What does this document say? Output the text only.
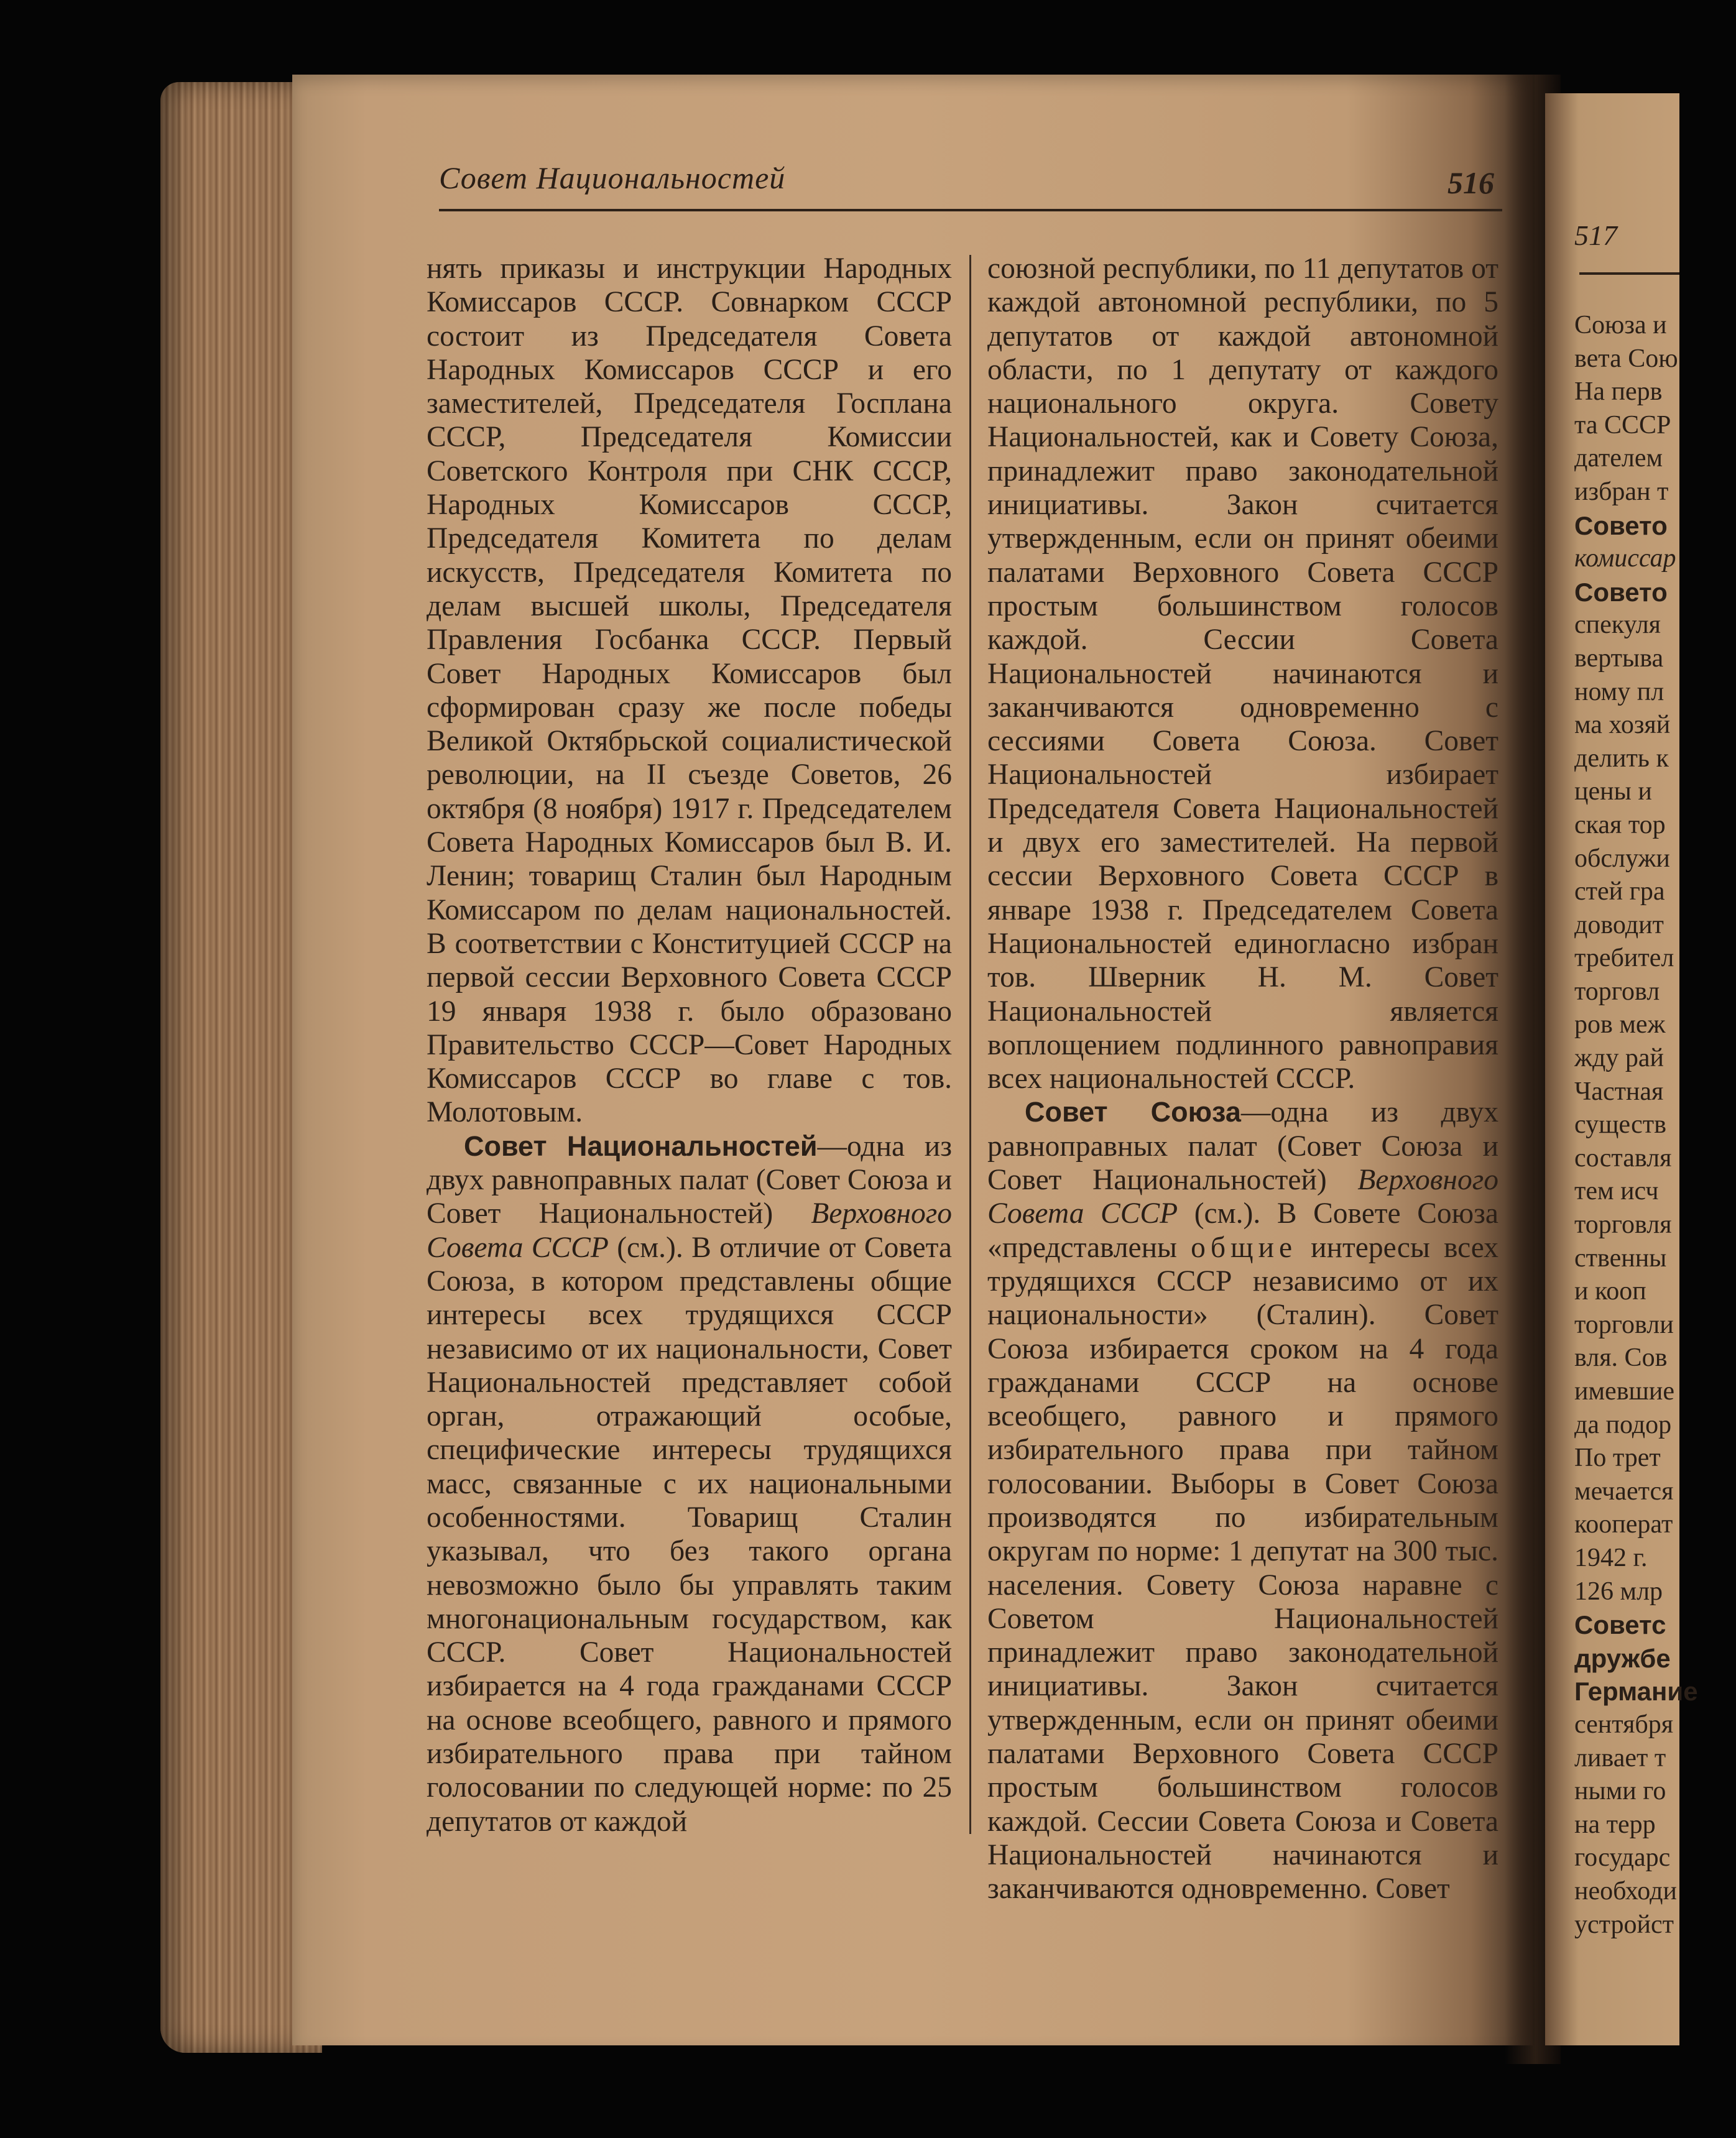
Совет Национальностей	516

нять приказы и инструкции Народных Комиссаров СССР. Совнарком СССР состоит из Председателя Совета Народных Комиссаров СССР и его заместителей, Председателя Госплана СССР, Председателя Комиссии Советского Контроля при СНК СССР, Народных Комиссаров СССР, Председателя Комитета по делам искусств, Председателя Комитета по делам высшей школы, Председателя Правления Госбанка СССР. Первый Совет Народных Комиссаров был сформирован сразу же после победы Великой Октябрьской социалистической революции, на II съезде Советов, 26 октября (8 ноября) 1917 г. Председателем Совета Народных Комиссаров был В. И. Ленин; товарищ Сталин был Народным Комиссаром по делам национальностей. В соответствии с Конституцией СССР на первой сессии Верховного Совета СССР 19 января 1938 г. было образовано Правительство СССР—Совет Народных Комиссаров СССР во главе с тов. Молотовым.

Совет Национальностей—одна из двух равноправных палат (Совет Союза и Совет Национальностей) Верховного Совета СССР (см.). В отличие от Совета Союза, в котором представлены общие интересы всех трудящихся СССР независимо от их национальности, Совет Национальностей представляет собой орган, отражающий особые, специфические интересы трудящихся масс, связанные с их национальными особенностями. Товарищ Сталин указывал, что без такого органа невозможно было бы управлять таким многонациональным государством, как СССР. Совет Национальностей избирается на 4 года гражданами СССР на основе всеобщего, равного и прямого избирательного права при тайном голосовании по следующей норме: по 25 депутатов от каждой

союзной республики, по 11 депутатов от каждой автономной республики, по 5 депутатов от каждой автономной области, по 1 депутату от каждого национального округа. Совету Национальностей, как и Совету Союза, принадлежит право законодательной инициативы. Закон считается утвержденным, если он принят обеими палатами Верховного Совета СССР простым большинством голосов каждой. Сессии Совета Национальностей начинаются и заканчиваются одновременно с сессиями Совета Союза. Совет Национальностей избирает Председателя Совета Национальностей и двух его заместителей. На первой сессии Верховного Совета СССР в январе 1938 г. Председателем Совета Национальностей единогласно избран тов. Шверник Н. М. Совет Национальностей является воплощением подлинного равноправия всех национальностей СССР.

Совет Союза—одна из двух равноправных палат (Совет Союза и Совет Национальностей) Верховного Совета СССР (см.). В Совете Союза «представлены общие интересы всех трудящихся СССР независимо от их национальности» (Сталин). Совет Союза избирается сроком на 4 года гражданами СССР на основе всеобщего, равного и прямого избирательного права при тайном голосовании. Выборы в Совет Союза производятся по избирательным округам по норме: 1 депутат на 300 тыс. населения. Совету Союза наравне с Советом Национальностей принадлежит право законодательной инициативы. Закон считается утвержденным, если он принят обеими палатами Верховного Совета СССР простым большинством голосов каждой. Сессии Совета Союза и Совета Национальностей начинаются и заканчиваются одновременно. Совет

517
Союза и
вета Сою
На перв
та СССР
дателем
избран т
Совето
комиссар
Совето
спекуля
вертыва
ному пл
ма хозяй
делить к
цены и
ская тор
обслужи
стей гра
доводит
требител
торговл
ров меж
жду рай
Частная
существ
составля
тем исч
торговля
ственны
и кооп
торговли
вля. Сов
имевшие
да подор
По трет
мечается
кооперат
1942 г.
126 млр
Советс
дружбе
Германие
сентября
ливает т
ными го
на терр
государс
необходи
устройст
